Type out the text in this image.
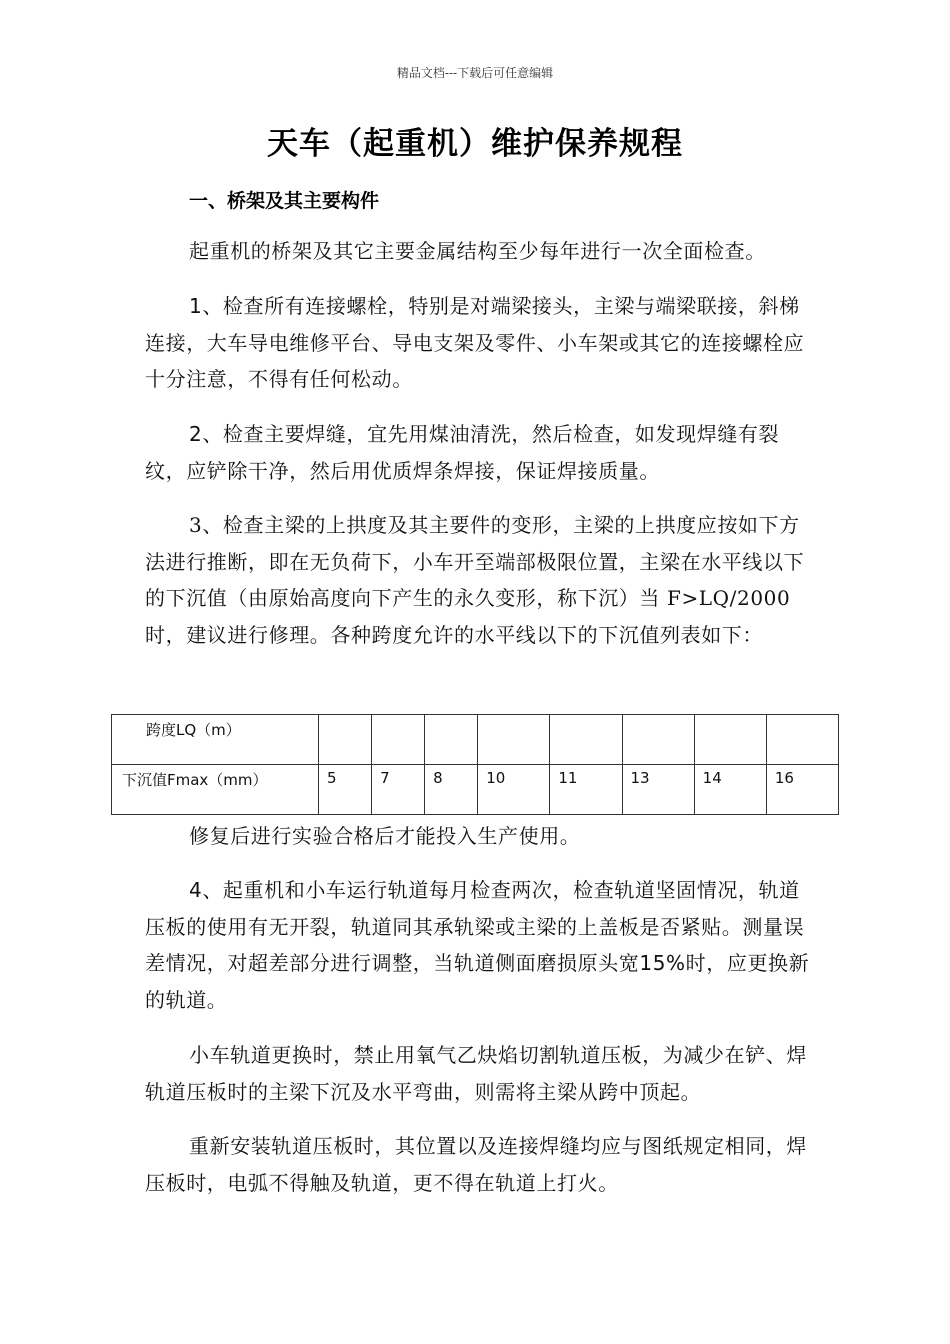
精品文档---下载后可任意编辑
天车（起重机）维护保养规程
一、桥架及其主要构件

起重机的桥架及其它主要金属结构至少每年进行一次全面检查。

1、检查所有连接螺栓，特别是对端梁接头，主梁与端梁联接，斜梯连接，大车导电维修平台、导电支架及零件、小车架或其它的连接螺栓应十分注意，不得有任何松动。

2、检查主要焊缝，宜先用煤油清洗，然后检查，如发现焊缝有裂纹，应铲除干净，然后用优质焊条焊接，保证焊接质量。

3、检查主梁的上拱度及其主要件的变形，主梁的上拱度应按如下方法进行推断，即在无负荷下，小车开至端部极限位置，主梁在水平线以下的下沉值（由原始高度向下产生的永久变形，称下沉）当 F>LQ/2000 时，建议进行修理。各种跨度允许的水平线以下的下沉值列表如下：

跨度LQ（m）								
下沉值Fmax（mm）	5	7	8	10	11	13	14	16

修复后进行实验合格后才能投入生产使用。

4、起重机和小车运行轨道每月检查两次，检查轨道坚固情况，轨道压板的使用有无开裂，轨道同其承轨梁或主梁的上盖板是否紧贴。测量误差情况，对超差部分进行调整，当轨道侧面磨损原头宽15%时，应更换新的轨道。

小车轨道更换时，禁止用氧气乙炔焰切割轨道压板，为减少在铲、焊轨道压板时的主梁下沉及水平弯曲，则需将主梁从跨中顶起。

重新安装轨道压板时，其位置以及连接焊缝均应与图纸规定相同，焊压板时，电弧不得触及轨道，更不得在轨道上打火。
